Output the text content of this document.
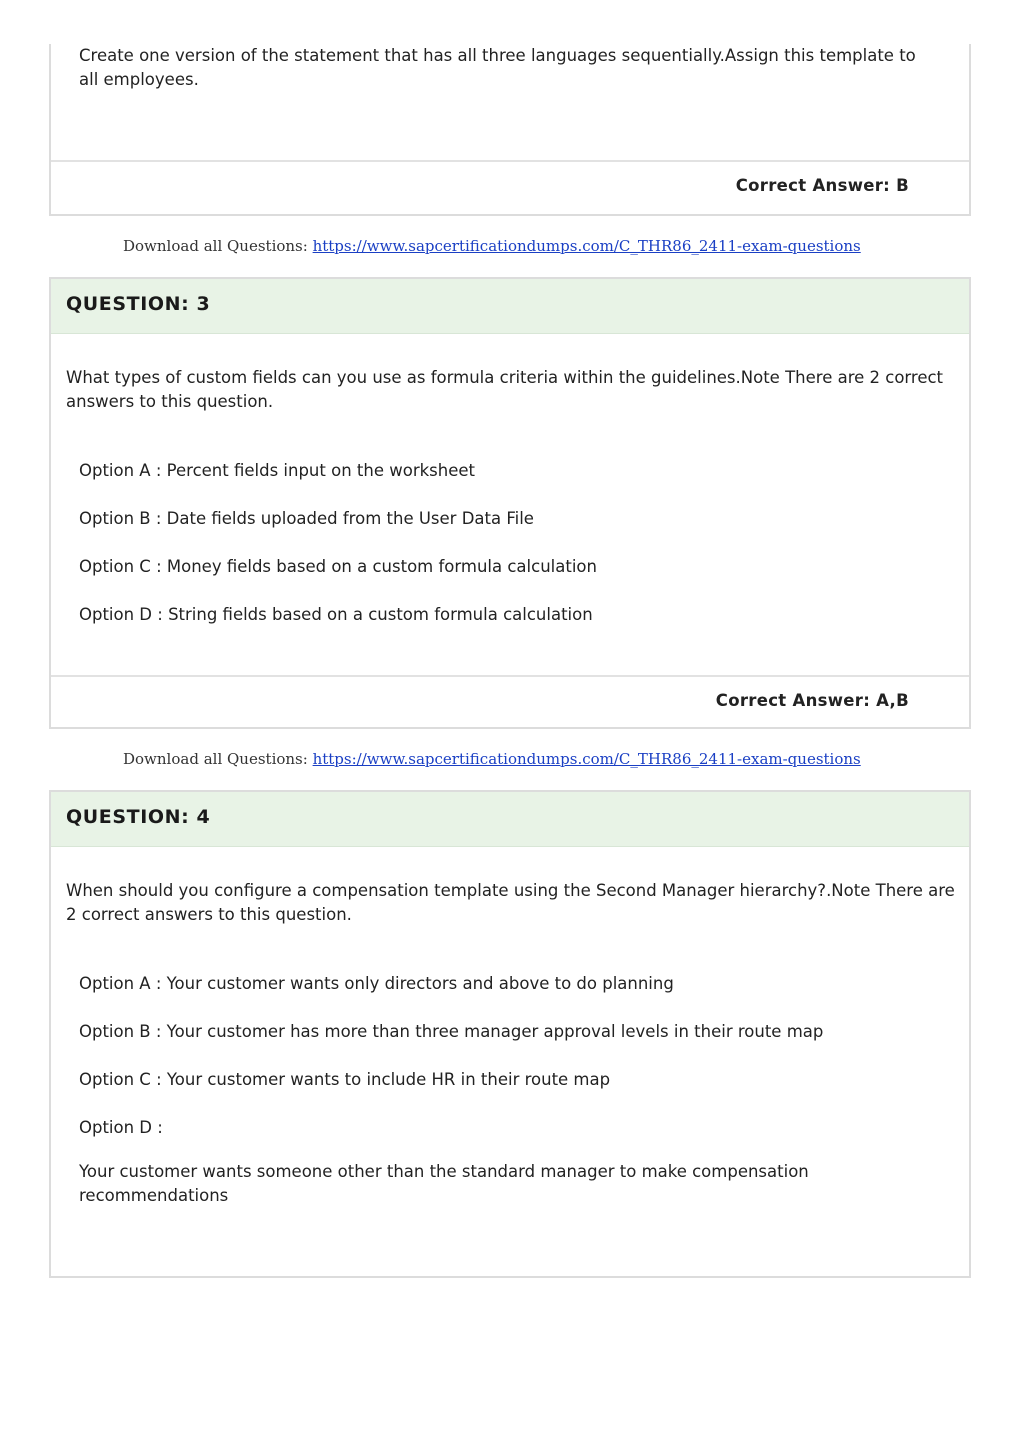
Create one version of the statement that has all three languages sequentially.Assign this template to all employees.
Correct Answer: B
Download all Questions: https://www.sapcertificationdumps.com/C_THR86_2411-exam-questions
QUESTION: 3
What types of custom fields can you use as formula criteria within the guidelines.Note There are 2 correct answers to this question.
Option A : Percent fields input on the worksheet
Option B : Date fields uploaded from the User Data File
Option C : Money fields based on a custom formula calculation
Option D : String fields based on a custom formula calculation
Correct Answer: A,B
Download all Questions: https://www.sapcertificationdumps.com/C_THR86_2411-exam-questions
QUESTION: 4
When should you configure a compensation template using the Second Manager hierarchy?.Note There are 2 correct answers to this question.
Option A : Your customer wants only directors and above to do planning
Option B : Your customer has more than three manager approval levels in their route map
Option C : Your customer wants to include HR in their route map
Option D :
Your customer wants someone other than the standard manager to make compensation recommendations
